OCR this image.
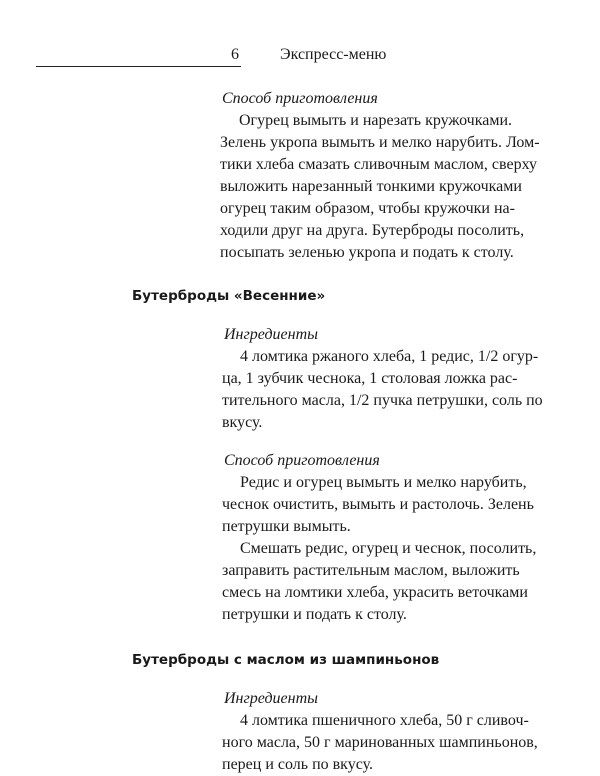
6	Экспресс-меню
Способ приготовления
Огурец вымыть и нарезать кружочками.
Зелень укропа вымыть и мелко нарубить. Лом-
тики хлеба смазать сливочным маслом, сверху
выложить нарезанный тонкими кружочками
огурец таким образом, чтобы кружочки на-
ходили друг на друга. Бутерброды посолить,
посыпать зеленью укропа и подать к столу.
Бутерброды «Весенние»
Ингредиенты
4 ломтика ржаного хлеба, 1 редис, 1/2 огур-
ца, 1 зубчик чеснока, 1 столовая ложка рас-
тительного масла, 1/2 пучка петрушки, соль по
вкусу.
Способ приготовления
Редис и огурец вымыть и мелко нарубить,
чеснок очистить, вымыть и растолочь. Зелень
петрушки вымыть.
Смешать редис, огурец и чеснок, посолить,
заправить растительным маслом, выложить
смесь на ломтики хлеба, украсить веточками
петрушки и подать к столу.
Бутерброды с маслом из шампиньонов
Ингредиенты
4 ломтика пшеничного хлеба, 50 г сливоч-
ного масла, 50 г маринованных шампиньонов,
перец и соль по вкусу.
